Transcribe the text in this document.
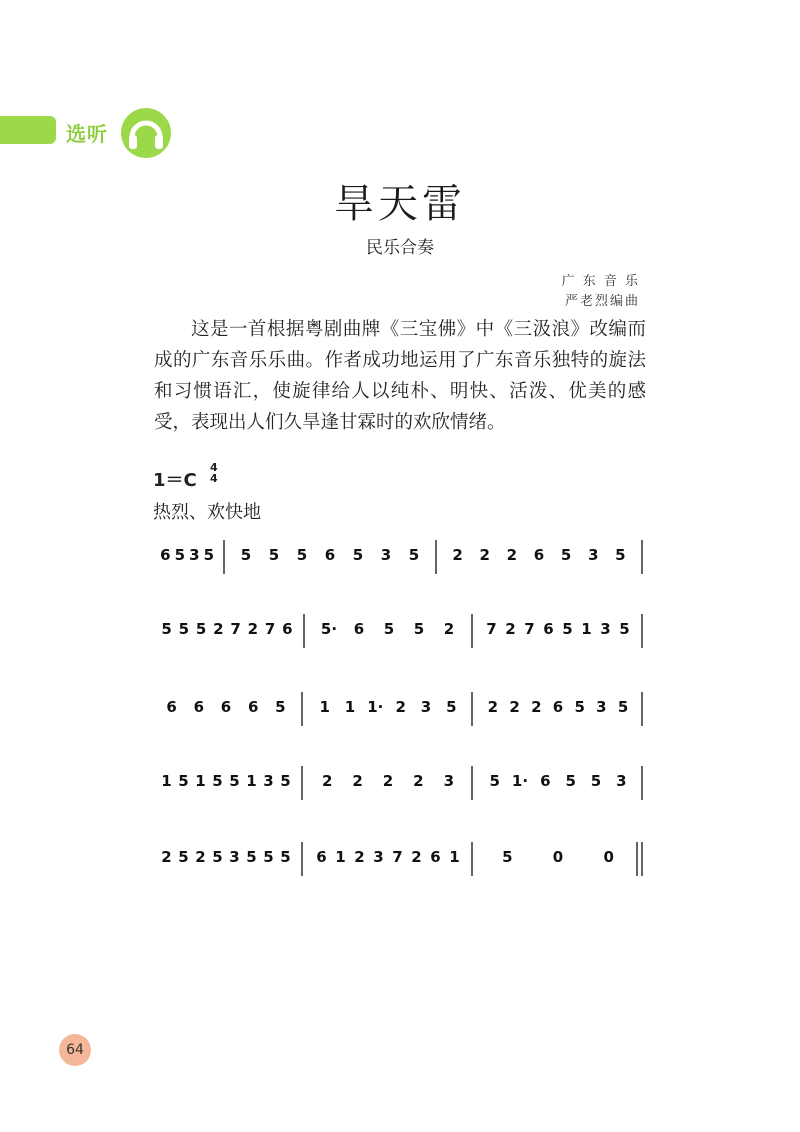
选听
旱天雷
民乐合奏
广 东 音 乐
严老烈编曲

这是一首根据粤剧曲牌《三宝佛》中《三汲浪》改编而成的广东音乐乐曲。作者成功地运用了广东音乐独特的旋法和习惯语汇，使旋律给人以纯朴、明快、活泼、优美的感受，表现出人们久旱逢甘霖时的欢欣情绪。

1＝C
4
4
热烈、欢快地
6 5 3 5 5 5 5 6 5 3 5 2 2 2 6 5 3 5
5 5 5 2 7 2 7 6 5· 6 5 5 2 7 2 7 6 5 1 3 5
6 6 6 6 5 1 1 1· 2 3 5 2 2 2 6 5 3 5
1 5 1 5 5 1 3 5 2 2 2 2 3 5 1· 6 5 5 3
2 5 2 5 3 5 5 5 6 1 2 3 7 2 6 1	5	0	0
64
